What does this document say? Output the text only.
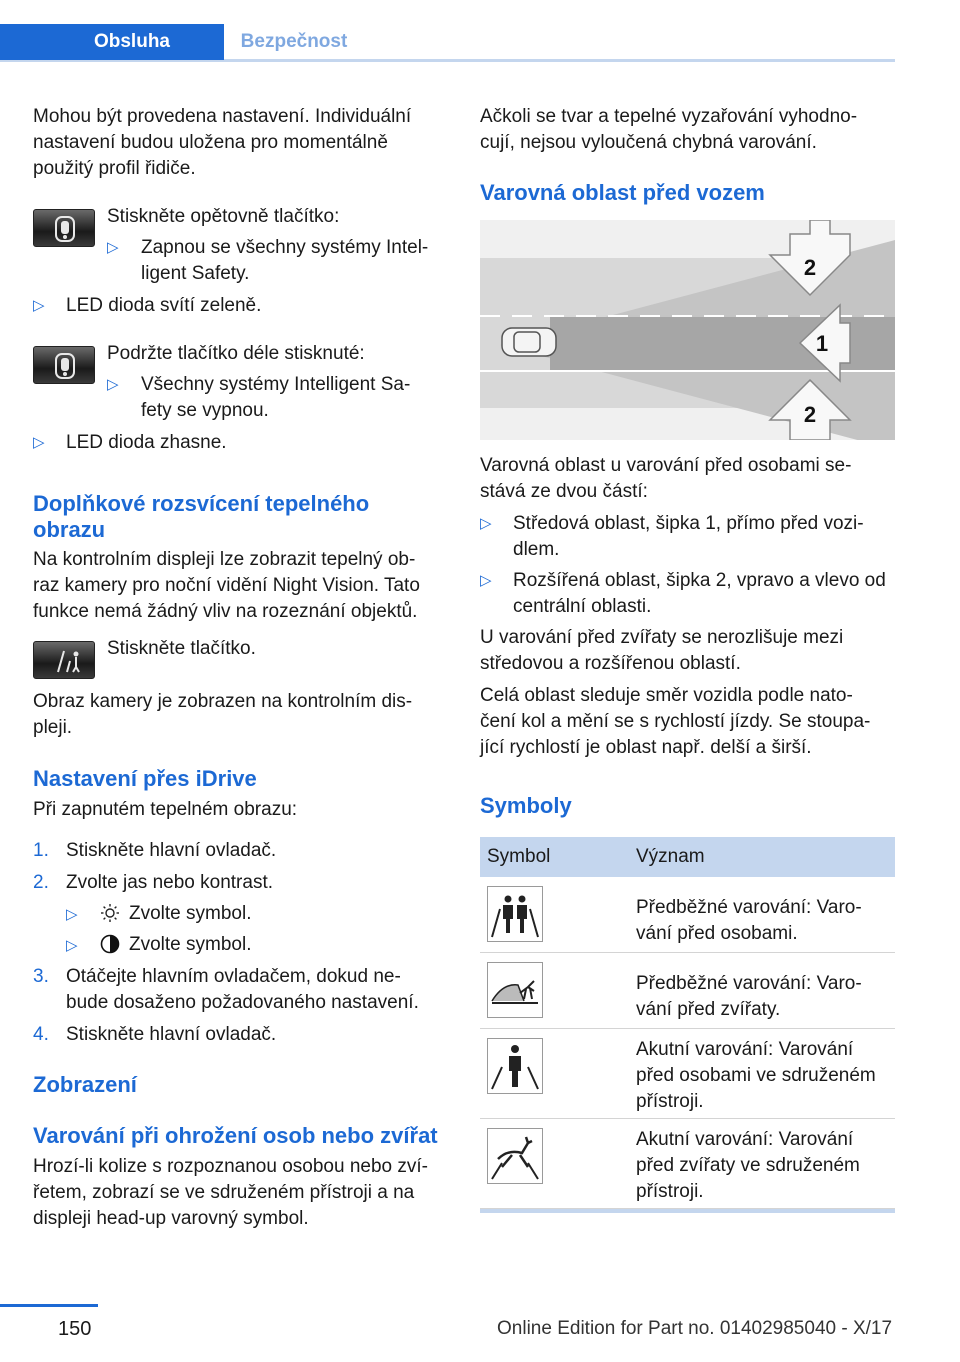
Obsluha	Bezpečnost
Mohou být provedena nastavení. Individuální
nastavení budou uložena pro momentálně
použitý profil řidiče.
Stiskněte opětovně tlačítko:
▷ Zapnou se všechny systémy Intel‐
ligent Safety.
▷ LED dioda svítí zeleně.
Podržte tlačítko déle stisknuté:
▷ Všechny systémy Intelligent Sa‐
fety se vypnou.
▷ LED dioda zhasne.
Doplňkové rozsvícení tepelného
obrazu
Na kontrolním displeji lze zobrazit tepelný ob‐
raz kamery pro noční vidění Night Vision. Tato
funkce nemá žádný vliv na rozeznání objektů.
Stiskněte tlačítko.
Obraz kamery je zobrazen na kontrolním dis‐
pleji.
Nastavení přes iDrive
Při zapnutém tepelném obrazu:
1. Stiskněte hlavní ovladač.
2. Zvolte jas nebo kontrast.
▷	Zvolte symbol.
▷	Zvolte symbol.
3. Otáčejte hlavním ovladačem, dokud ne‐
bude dosaženo požadovaného nastavení.
4. Stiskněte hlavní ovladač.
Zobrazení
Varování při ohrožení osob nebo zvířat
Hrozí-li kolize s rozpoznanou osobou nebo zví‐
řetem, zobrazí se ve sdruženém přístroji a na
displeji head-up varovný symbol.
Ačkoli se tvar a tepelné vyzařování vyhodno‐
cují, nejsou vyloučená chybná varování.
Varovná oblast před vozem
2
1
2
Varovná oblast u varování před osobami se‐
stává ze dvou částí:
▷ Středová oblast, šipka 1, přímo před vozi‐
dlem.
▷ Rozšířená oblast, šipka 2, vpravo a vlevo od
centrální oblasti.
U varování před zvířaty se nerozlišuje mezi
středovou a rozšířenou oblastí.
Celá oblast sleduje směr vozidla podle nato‐
čení kol a mění se s rychlostí jízdy. Se stoupa‐
jící rychlostí je oblast např. delší a širší.
Symboly
Symbol	Význam
Předběžné varování: Varo‐
vání před osobami.
Předběžné varování: Varo‐
vání před zvířaty.
Akutní varování: Varování
před osobami ve sdruženém
přístroji.
Akutní varování: Varování
před zvířaty ve sdruženém
přístroji.
150	Online Edition for Part no. 01402985040 - X/17
